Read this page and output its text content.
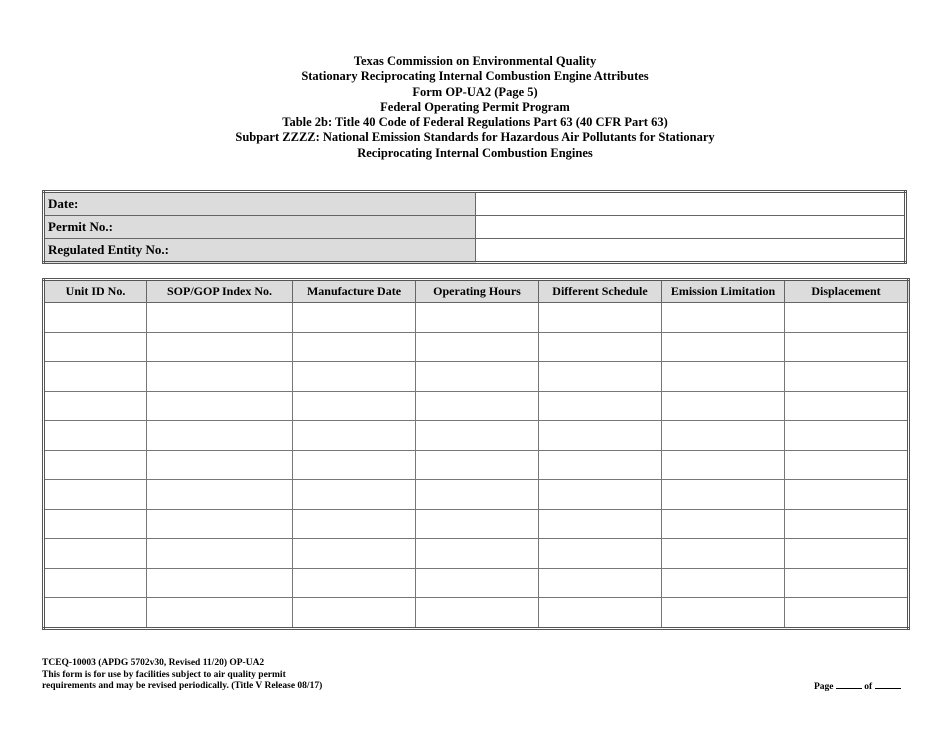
Texas Commission on Environmental Quality
Stationary Reciprocating Internal Combustion Engine Attributes
Form OP-UA2 (Page 5)
Federal Operating Permit Program
Table 2b: Title 40 Code of Federal Regulations Part 63 (40 CFR Part 63)
Subpart ZZZZ: National Emission Standards for Hazardous Air Pollutants for Stationary
Reciprocating Internal Combustion Engines
Date:	
Permit No.:	
Regulated Entity No.:	
Unit ID No.	SOP/GOP Index No.	Manufacture Date	Operating Hours	Different Schedule	Emission Limitation	Displacement

TCEQ-10003 (APDG 5702v30, Revised 11/20) OP-UA2
This form is for use by facilities subject to air quality permit
requirements and may be revised periodically. (Title V Release 08/17)	Page	of
